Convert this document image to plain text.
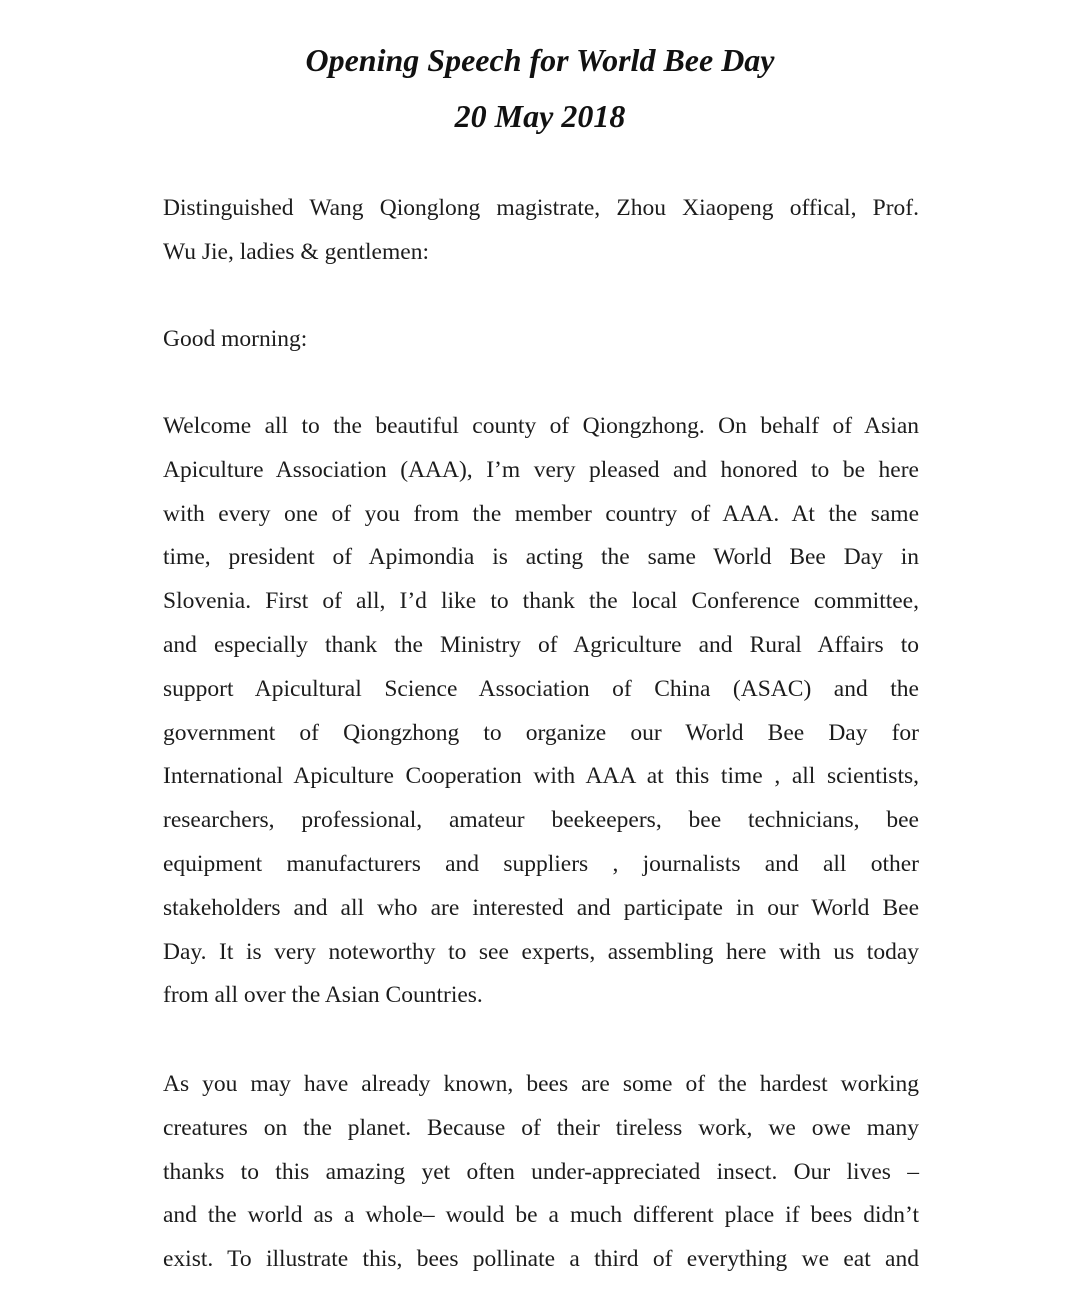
Opening Speech for World Bee Day
20 May 2018
Distinguished Wang Qionglong magistrate, Zhou Xiaopeng offical, Prof.
Wu Jie, ladies & gentlemen:
Good morning:
Welcome all to the beautiful county of Qiongzhong. On behalf of Asian
Apiculture Association (AAA), I’m very pleased and honored to be here
with every one of you from the member country of AAA. At the same
time, president of Apimondia is acting the same World Bee Day in
Slovenia. First of all, I’d like to thank the local Conference committee,
and especially thank the Ministry of Agriculture and Rural Affairs to
support Apicultural Science Association of China (ASAC) and the
government of Qiongzhong to organize our World Bee Day for
International Apiculture Cooperation with AAA at this time , all scientists,
researchers, professional, amateur beekeepers, bee technicians, bee
equipment manufacturers and suppliers , journalists and all other
stakeholders and all who are interested and participate in our World Bee
Day. It is very noteworthy to see experts, assembling here with us today
from all over the Asian Countries.
As you may have already known, bees are some of the hardest working
creatures on the planet. Because of their tireless work, we owe many
thanks to this amazing yet often under-appreciated insect. Our lives –
and the world as a whole– would be a much different place if bees didn’t
exist. To illustrate this, bees pollinate a third of everything we eat and
